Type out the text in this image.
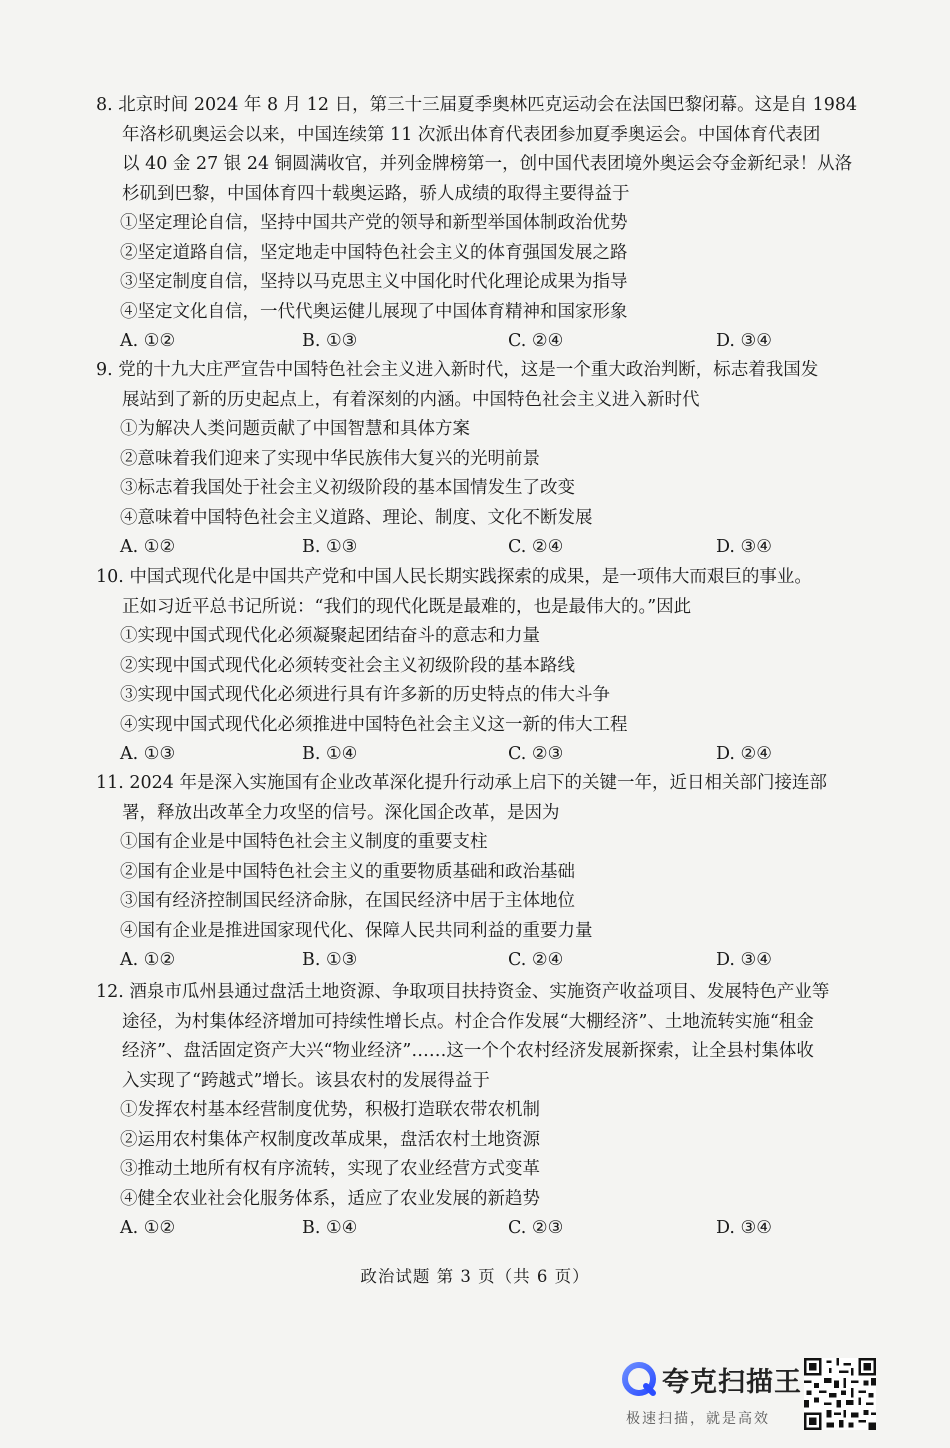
8. 北京时间 2024 年 8 月 12 日，第三十三届夏季奥林匹克运动会在法国巴黎闭幕。这是自 1984
年洛杉矶奥运会以来，中国连续第 11 次派出体育代表团参加夏季奥运会。中国体育代表团
以 40 金 27 银 24 铜圆满收官，并列金牌榜第一，创中国代表团境外奥运会夺金新纪录！从洛
杉矶到巴黎，中国体育四十载奥运路，骄人成绩的取得主要得益于
①坚定理论自信，坚持中国共产党的领导和新型举国体制政治优势
②坚定道路自信，坚定地走中国特色社会主义的体育强国发展之路
③坚定制度自信，坚持以马克思主义中国化时代化理论成果为指导
④坚定文化自信，一代代奥运健儿展现了中国体育精神和国家形象
A. ①②	B. ①③	C. ②④	D. ③④
9. 党的十九大庄严宣告中国特色社会主义进入新时代，这是一个重大政治判断，标志着我国发
展站到了新的历史起点上，有着深刻的内涵。中国特色社会主义进入新时代
①为解决人类问题贡献了中国智慧和具体方案
②意味着我们迎来了实现中华民族伟大复兴的光明前景
③标志着我国处于社会主义初级阶段的基本国情发生了改变
④意味着中国特色社会主义道路、理论、制度、文化不断发展
A. ①②	B. ①③	C. ②④	D. ③④
10. 中国式现代化是中国共产党和中国人民长期实践探索的成果，是一项伟大而艰巨的事业。
正如习近平总书记所说：“我们的现代化既是最难的，也是最伟大的。”因此
①实现中国式现代化必须凝聚起团结奋斗的意志和力量
②实现中国式现代化必须转变社会主义初级阶段的基本路线
③实现中国式现代化必须进行具有许多新的历史特点的伟大斗争
④实现中国式现代化必须推进中国特色社会主义这一新的伟大工程
A. ①③	B. ①④	C. ②③	D. ②④
11. 2024 年是深入实施国有企业改革深化提升行动承上启下的关键一年，近日相关部门接连部
署，释放出改革全力攻坚的信号。深化国企改革，是因为
①国有企业是中国特色社会主义制度的重要支柱
②国有企业是中国特色社会主义的重要物质基础和政治基础
③国有经济控制国民经济命脉，在国民经济中居于主体地位
④国有企业是推进国家现代化、保障人民共同利益的重要力量
A. ①②	B. ①③	C. ②④	D. ③④
12. 酒泉市瓜州县通过盘活土地资源、争取项目扶持资金、实施资产收益项目、发展特色产业等
途径，为村集体经济增加可持续性增长点。村企合作发展“大棚经济”、土地流转实施“租金
经济”、盘活固定资产大兴“物业经济”……这一个个农村经济发展新探索，让全县村集体收
入实现了“跨越式”增长。该县农村的发展得益于
①发挥农村基本经营制度优势，积极打造联农带农机制
②运用农村集体产权制度改革成果，盘活农村土地资源
③推动土地所有权有序流转，实现了农业经营方式变革
④健全农业社会化服务体系，适应了农业发展的新趋势
A. ①②	B. ①④	C. ②③	D. ③④
政治试题 第 3 页（共 6 页）
夸克扫描王
极速扫描，就是高效
